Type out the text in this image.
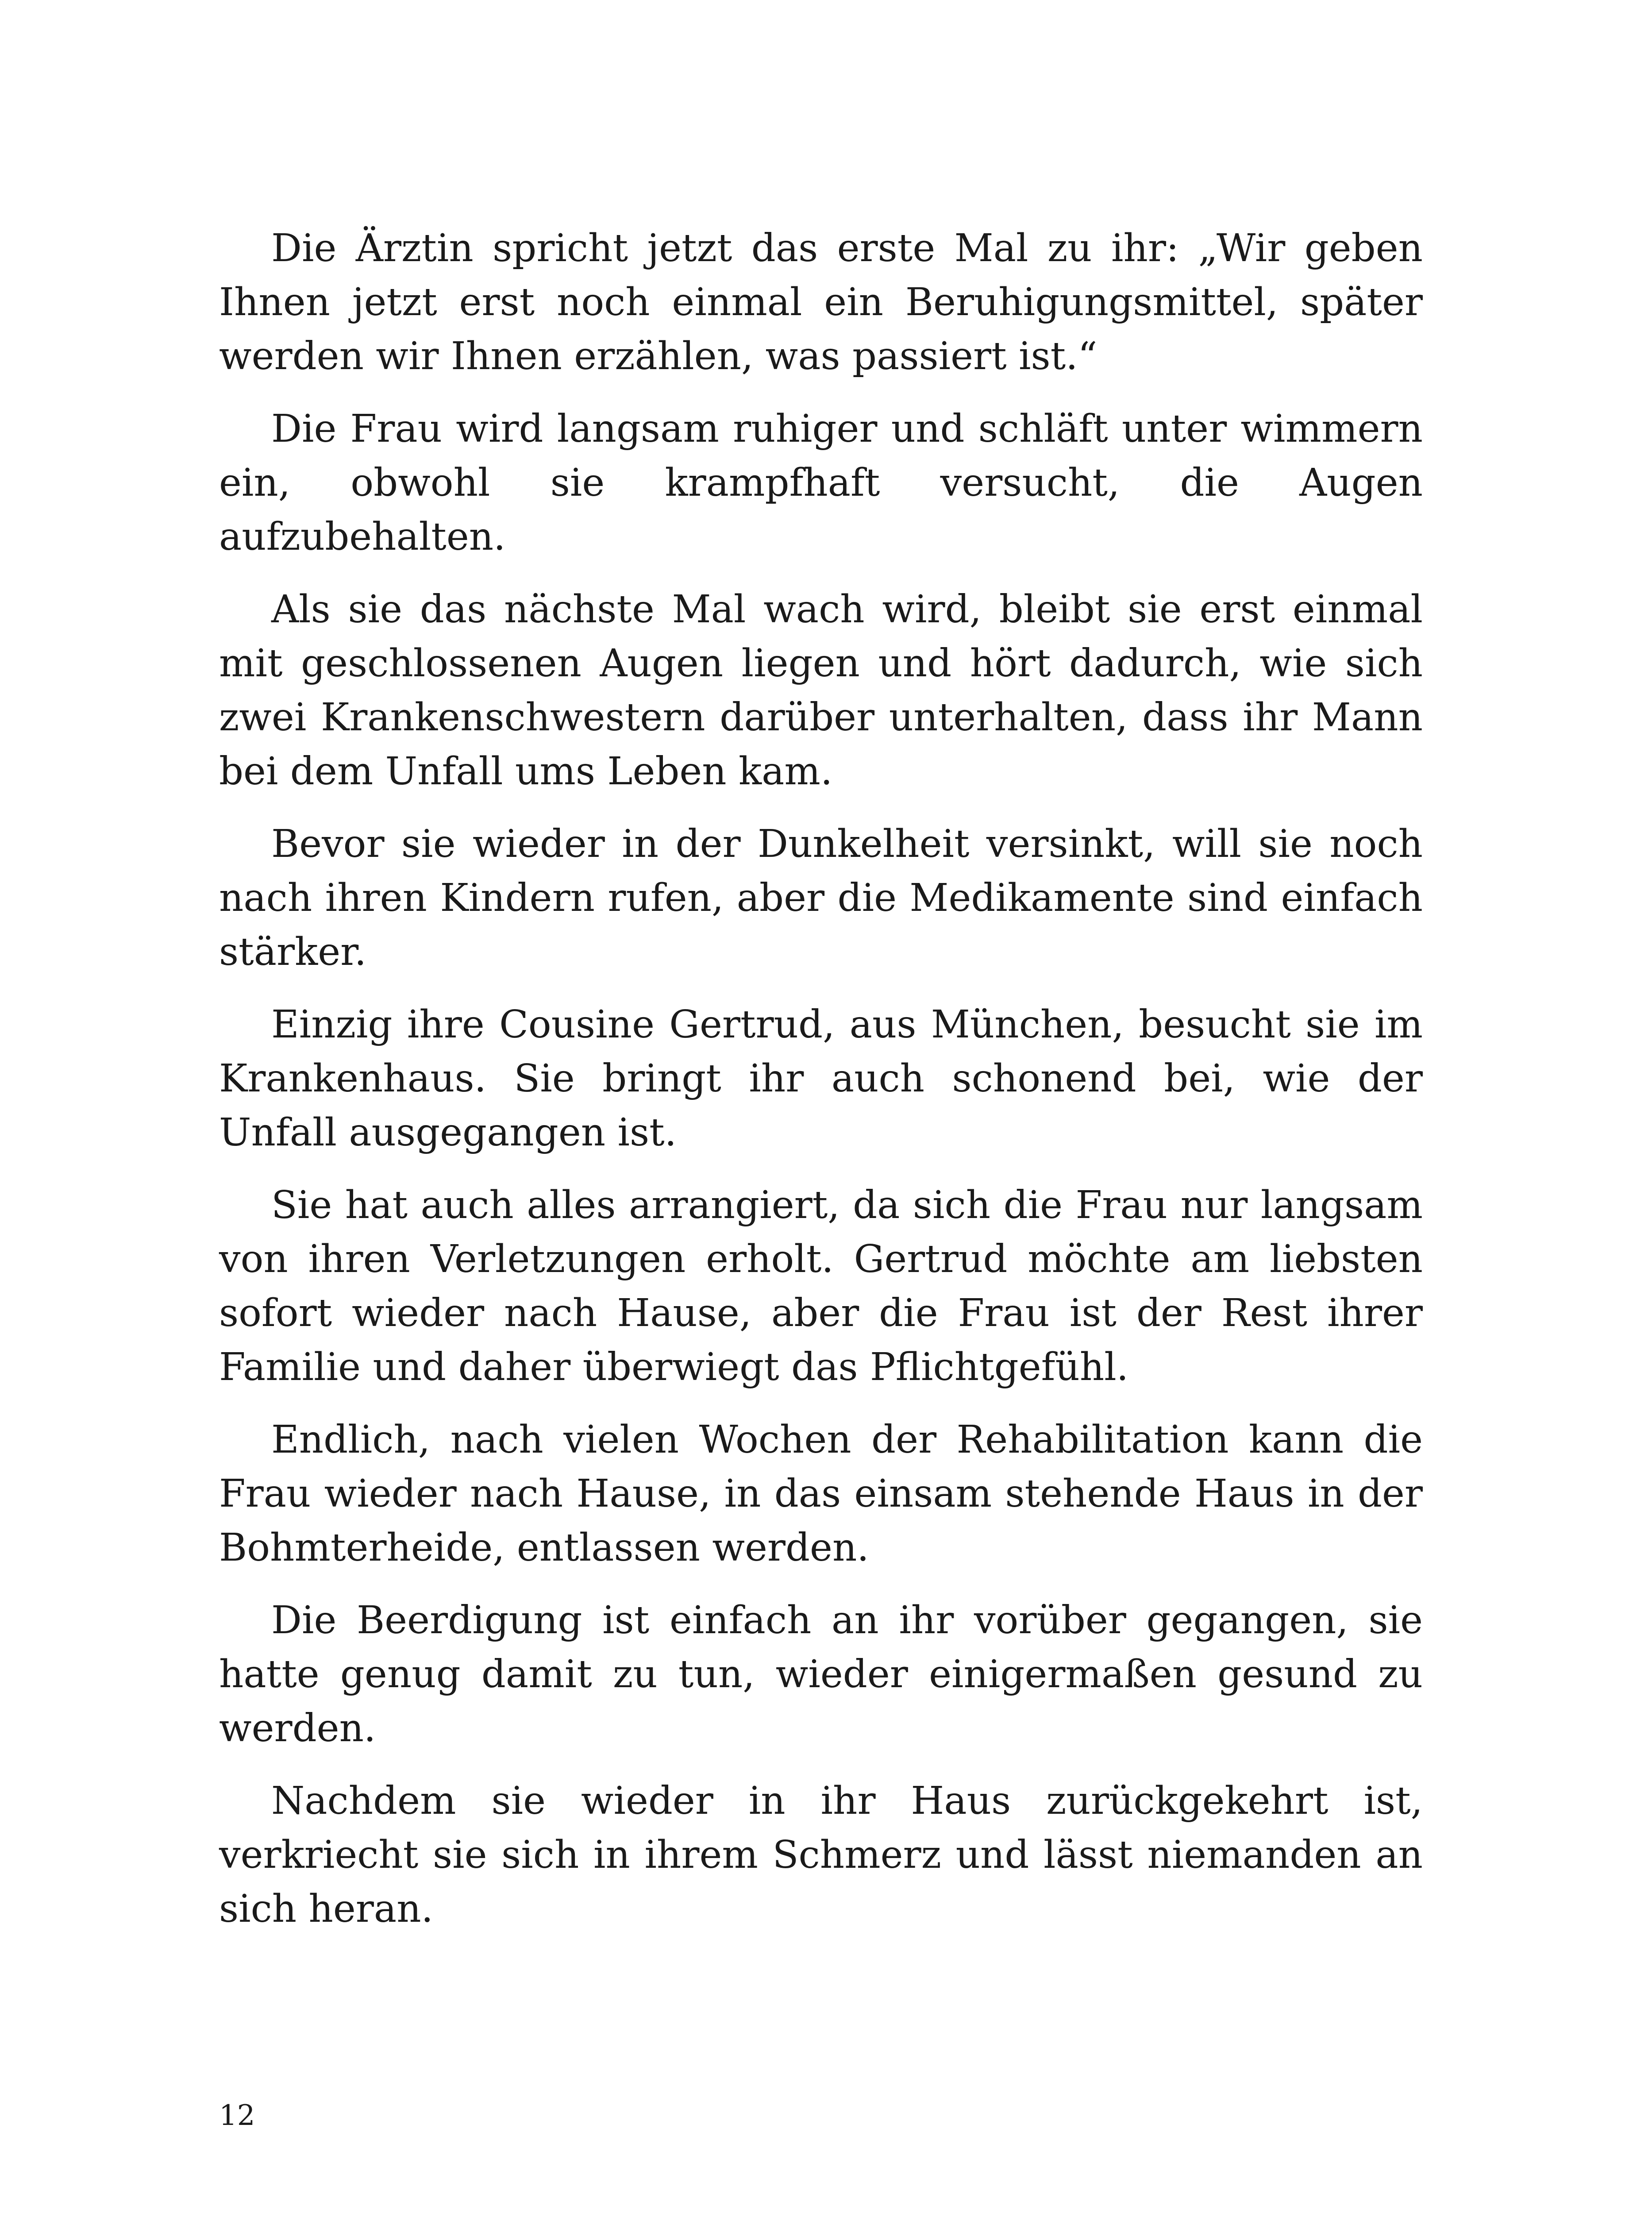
Die Ärztin spricht jetzt das erste Mal zu ihr: „Wir geben Ihnen jetzt erst noch einmal ein Beruhigungsmittel, später werden wir Ihnen erzählen, was passiert ist.“

Die Frau wird langsam ruhiger und schläft unter wimmern ein, obwohl sie krampfhaft versucht, die Augen aufzubehalten.

Als sie das nächste Mal wach wird, bleibt sie erst einmal mit geschlossenen Augen liegen und hört dadurch, wie sich zwei Krankenschwestern darüber unterhalten, dass ihr Mann bei dem Unfall ums Leben kam.

Bevor sie wieder in der Dunkelheit versinkt, will sie noch nach ihren Kindern rufen, aber die Medikamente sind einfach stärker.

Einzig ihre Cousine Gertrud, aus München, besucht sie im Krankenhaus. Sie bringt ihr auch schonend bei, wie der Unfall ausgegangen ist.

Sie hat auch alles arrangiert, da sich die Frau nur langsam von ihren Verletzungen erholt. Gertrud möchte am liebsten sofort wieder nach Hause, aber die Frau ist der Rest ihrer Familie und daher überwiegt das Pflichtgefühl.

Endlich, nach vielen Wochen der Rehabilitation kann die Frau wieder nach Hause, in das einsam stehende Haus in der Bohmterheide, entlassen werden.

Die Beerdigung ist einfach an ihr vorüber gegangen, sie hatte genug damit zu tun, wieder einigermaßen gesund zu werden.

Nachdem sie wieder in ihr Haus zurückgekehrt ist, verkriecht sie sich in ihrem Schmerz und lässt niemanden an sich heran.

12
